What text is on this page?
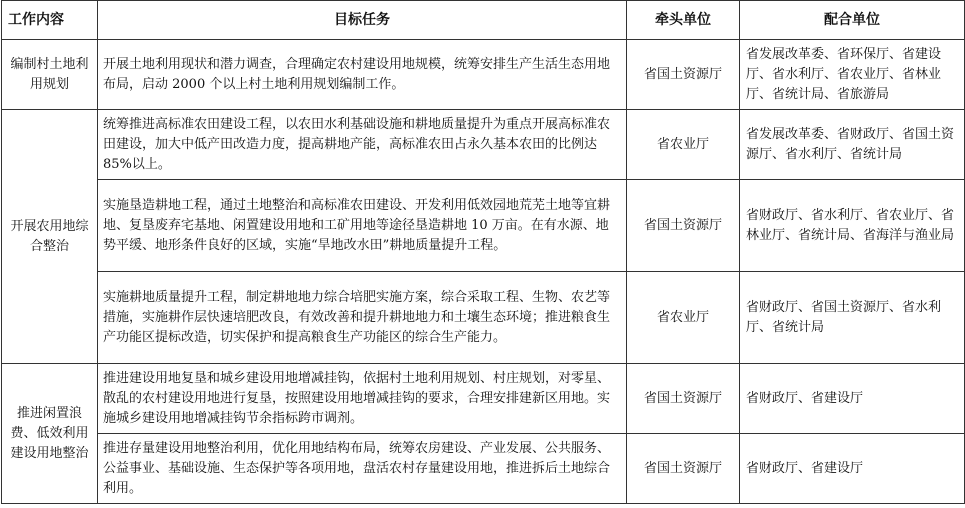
工作内容	目标任务	牵头单位	配合单位
编制村土地利用规划	开展土地利用现状和潜力调查，合理确定农村建设用地规模，统筹安排生产生活生态用地布局，启动 2000 个以上村土地利用规划编制工作。	省国土资源厅	省发展改革委、省环保厅、省建设厅、省水利厅、省农业厅、省林业厅、省统计局、省旅游局
开展农用地综合整治	统筹推进高标准农田建设工程，以农田水利基础设施和耕地质量提升为重点开展高标准农田建设，加大中低产田改造力度，提高耕地产能，高标准农田占永久基本农田的比例达 85%以上。	省农业厅	省发展改革委、省财政厅、省国土资源厅、省水利厅、省统计局
	实施垦造耕地工程，通过土地整治和高标准农田建设、开发利用低效园地荒芜土地等宜耕地、复垦废弃宅基地、闲置建设用地和工矿用地等途径垦造耕地 10 万亩。在有水源、地势平缓、地形条件良好的区域，实施“旱地改水田”耕地质量提升工程。	省国土资源厅	省财政厅、省水利厅、省农业厅、省林业厅、省统计局、省海洋与渔业局
	实施耕地质量提升工程，制定耕地地力综合培肥实施方案，综合采取工程、生物、农艺等措施，实施耕作层快速培肥改良，有效改善和提升耕地地力和土壤生态环境；推进粮食生产功能区提标改造，切实保护和提高粮食生产功能区的综合生产能力。	省农业厅	省财政厅、省国土资源厅、省水利厅、省统计局
推进闲置浪费、低效利用建设用地整治	推进建设用地复垦和城乡建设用地增减挂钩，依据村土地利用规划、村庄规划，对零星、散乱的农村建设用地进行复垦，按照建设用地增减挂钩的要求，合理安排建新区用地。实施城乡建设用地增减挂钩节余指标跨市调剂。	省国土资源厅	省财政厅、省建设厅
	推进存量建设用地整治利用，优化用地结构布局，统筹农房建设、产业发展、公共服务、公益事业、基础设施、生态保护等各项用地，盘活农村存量建设用地，推进拆后土地综合利用。	省国土资源厅	省财政厅、省建设厅
